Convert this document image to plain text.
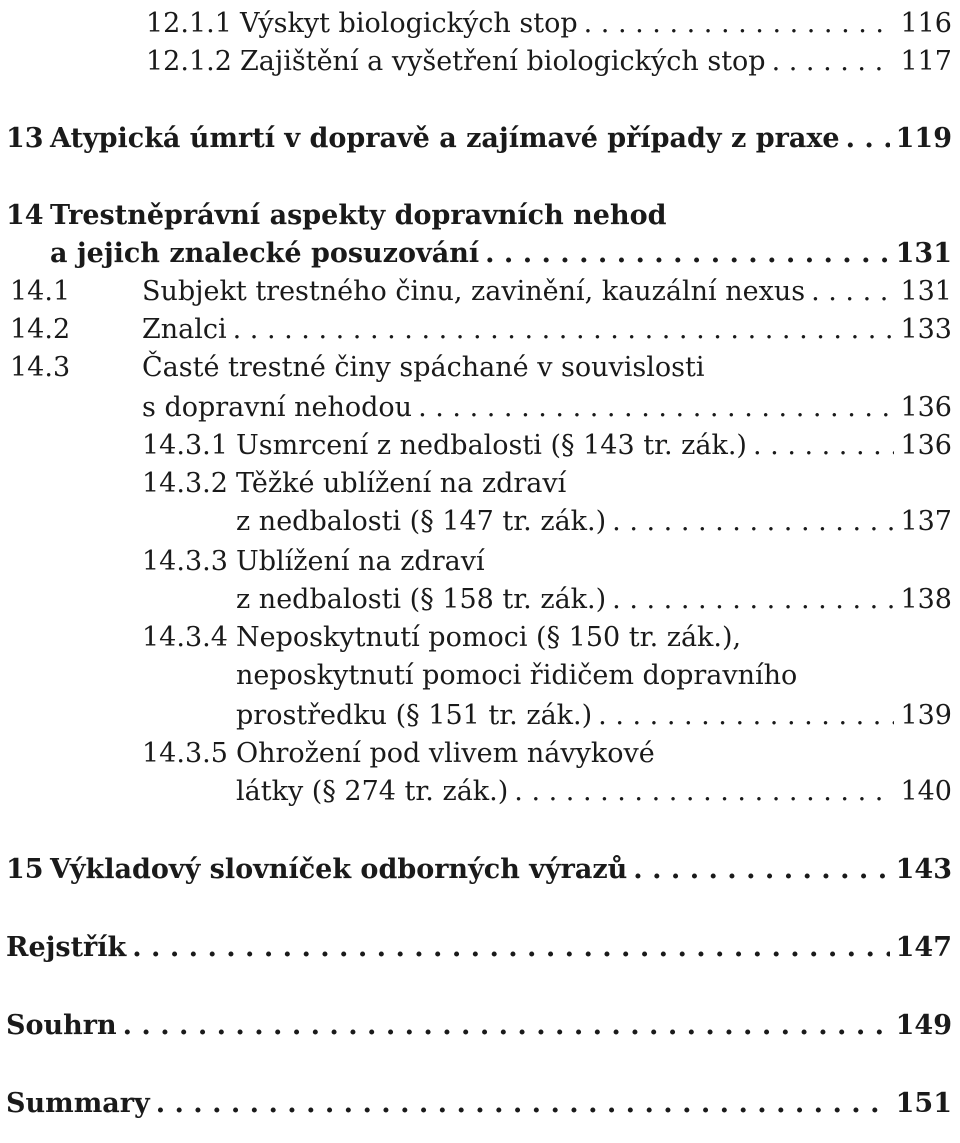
12.1.1 Výskyt biologických stop . . .	116
12.1.2 Zajištění a vyšetření biologických stop . . .	117
13 Atypická úmrtí v dopravě a zajímavé případy z praxe . . . 119
14 Trestněprávní aspekty dopravních nehod
a jejich znalecké posuzování . . .	131
14.1	Subjekt trestného činu, zavinění, kauzální nexus . . .	131
14.2	Znalci . . .	133
14.3	Časté trestné činy spáchané v souvislosti
s dopravní nehodou . . .	136
14.3.1 Usmrcení z nedbalosti (§ 143 tr. zák.) . . .	136
14.3.2 Těžké ublížení na zdraví
z nedbalosti (§ 147 tr. zák.) . . .	137
14.3.3 Ublížení na zdraví
z nedbalosti (§ 158 tr. zák.) . . .	138
14.3.4 Neposkytnutí pomoci (§ 150 tr. zák.),
neposkytnutí pomoci řidičem dopravního
prostředku (§ 151 tr. zák.) . . .	139
14.3.5 Ohrožení pod vlivem návykové
látky (§ 274 tr. zák.) . . .	140
15 Výkladový slovníček odborných výrazů . . .	143
Rejstřík . . .	147
Souhrn . . .	149
Summary . . .	151
